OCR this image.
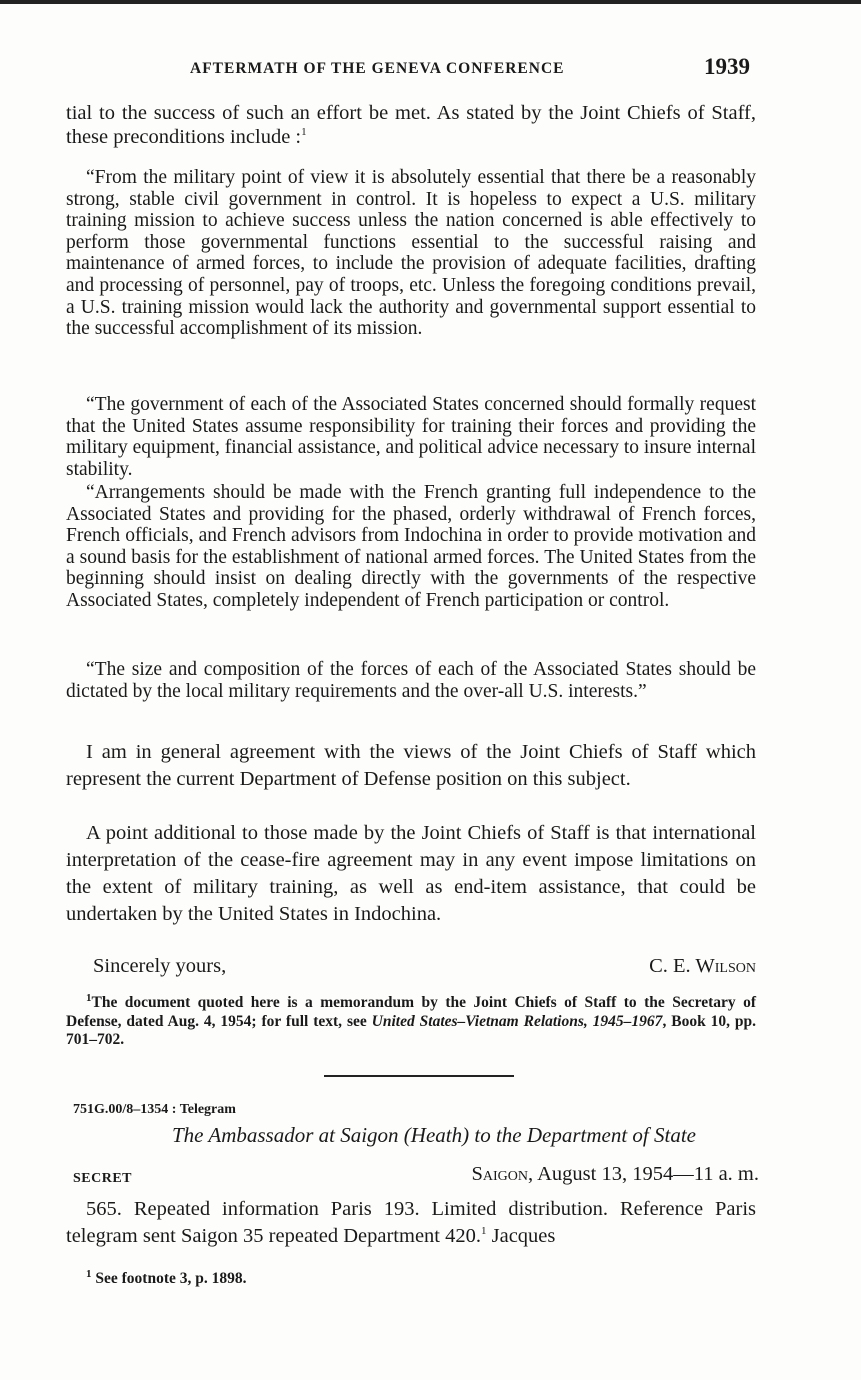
AFTERMATH OF THE GENEVA CONFERENCE	1939

tial to the success of such an effort be met. As stated by the Joint Chiefs of Staff, these preconditions include :$^1$

“From the military point of view it is absolutely essential that there be a reasonably strong, stable civil government in control. It is hopeless to expect a U.S. military training mission to achieve success unless the nation concerned is able effectively to perform those governmental functions essential to the successful raising and maintenance of armed forces, to include the provision of adequate facilities, drafting and processing of personnel, pay of troops, etc. Unless the foregoing conditions prevail, a U.S. training mission would lack the authority and governmental support essential to the successful accomplishment of its mission.

“The government of each of the Associated States concerned should formally request that the United States assume responsibility for training their forces and providing the military equipment, financial assistance, and political advice necessary to insure internal stability.

“Arrangements should be made with the French granting full independence to the Associated States and providing for the phased, orderly withdrawal of French forces, French officials, and French advisors from Indochina in order to provide motivation and a sound basis for the establishment of national armed forces. The United States from the beginning should insist on dealing directly with the governments of the respective Associated States, completely independent of French participation or control.

“The size and composition of the forces of each of the Associated States should be dictated by the local military requirements and the over-all U.S. interests.”

I am in general agreement with the views of the Joint Chiefs of Staff which represent the current Department of Defense position on this subject.

A point additional to those made by the Joint Chiefs of Staff is that international interpretation of the cease-fire agreement may in any event impose limitations on the extent of military training, as well as end-item assistance, that could be undertaken by the United States in Indochina.

Sincerely yours,	C. E. Wilson

$^1$The document quoted here is a memorandum by the Joint Chiefs of Staff to the Secretary of Defense, dated Aug. 4, 1954; for full text, see United States–Vietnam Relations, 1945–1967, Book 10, pp. 701–702.

751G.00/8–1354 : Telegram
The Ambassador at Saigon (Heath) to the Department of State
SECRET	Saigon, August 13, 1954—11 a. m.

565. Repeated information Paris 193. Limited distribution. Reference Paris telegram sent Saigon 35 repeated Department 420.$^1$ Jacques

$^1$ See footnote 3, p. 1898.
